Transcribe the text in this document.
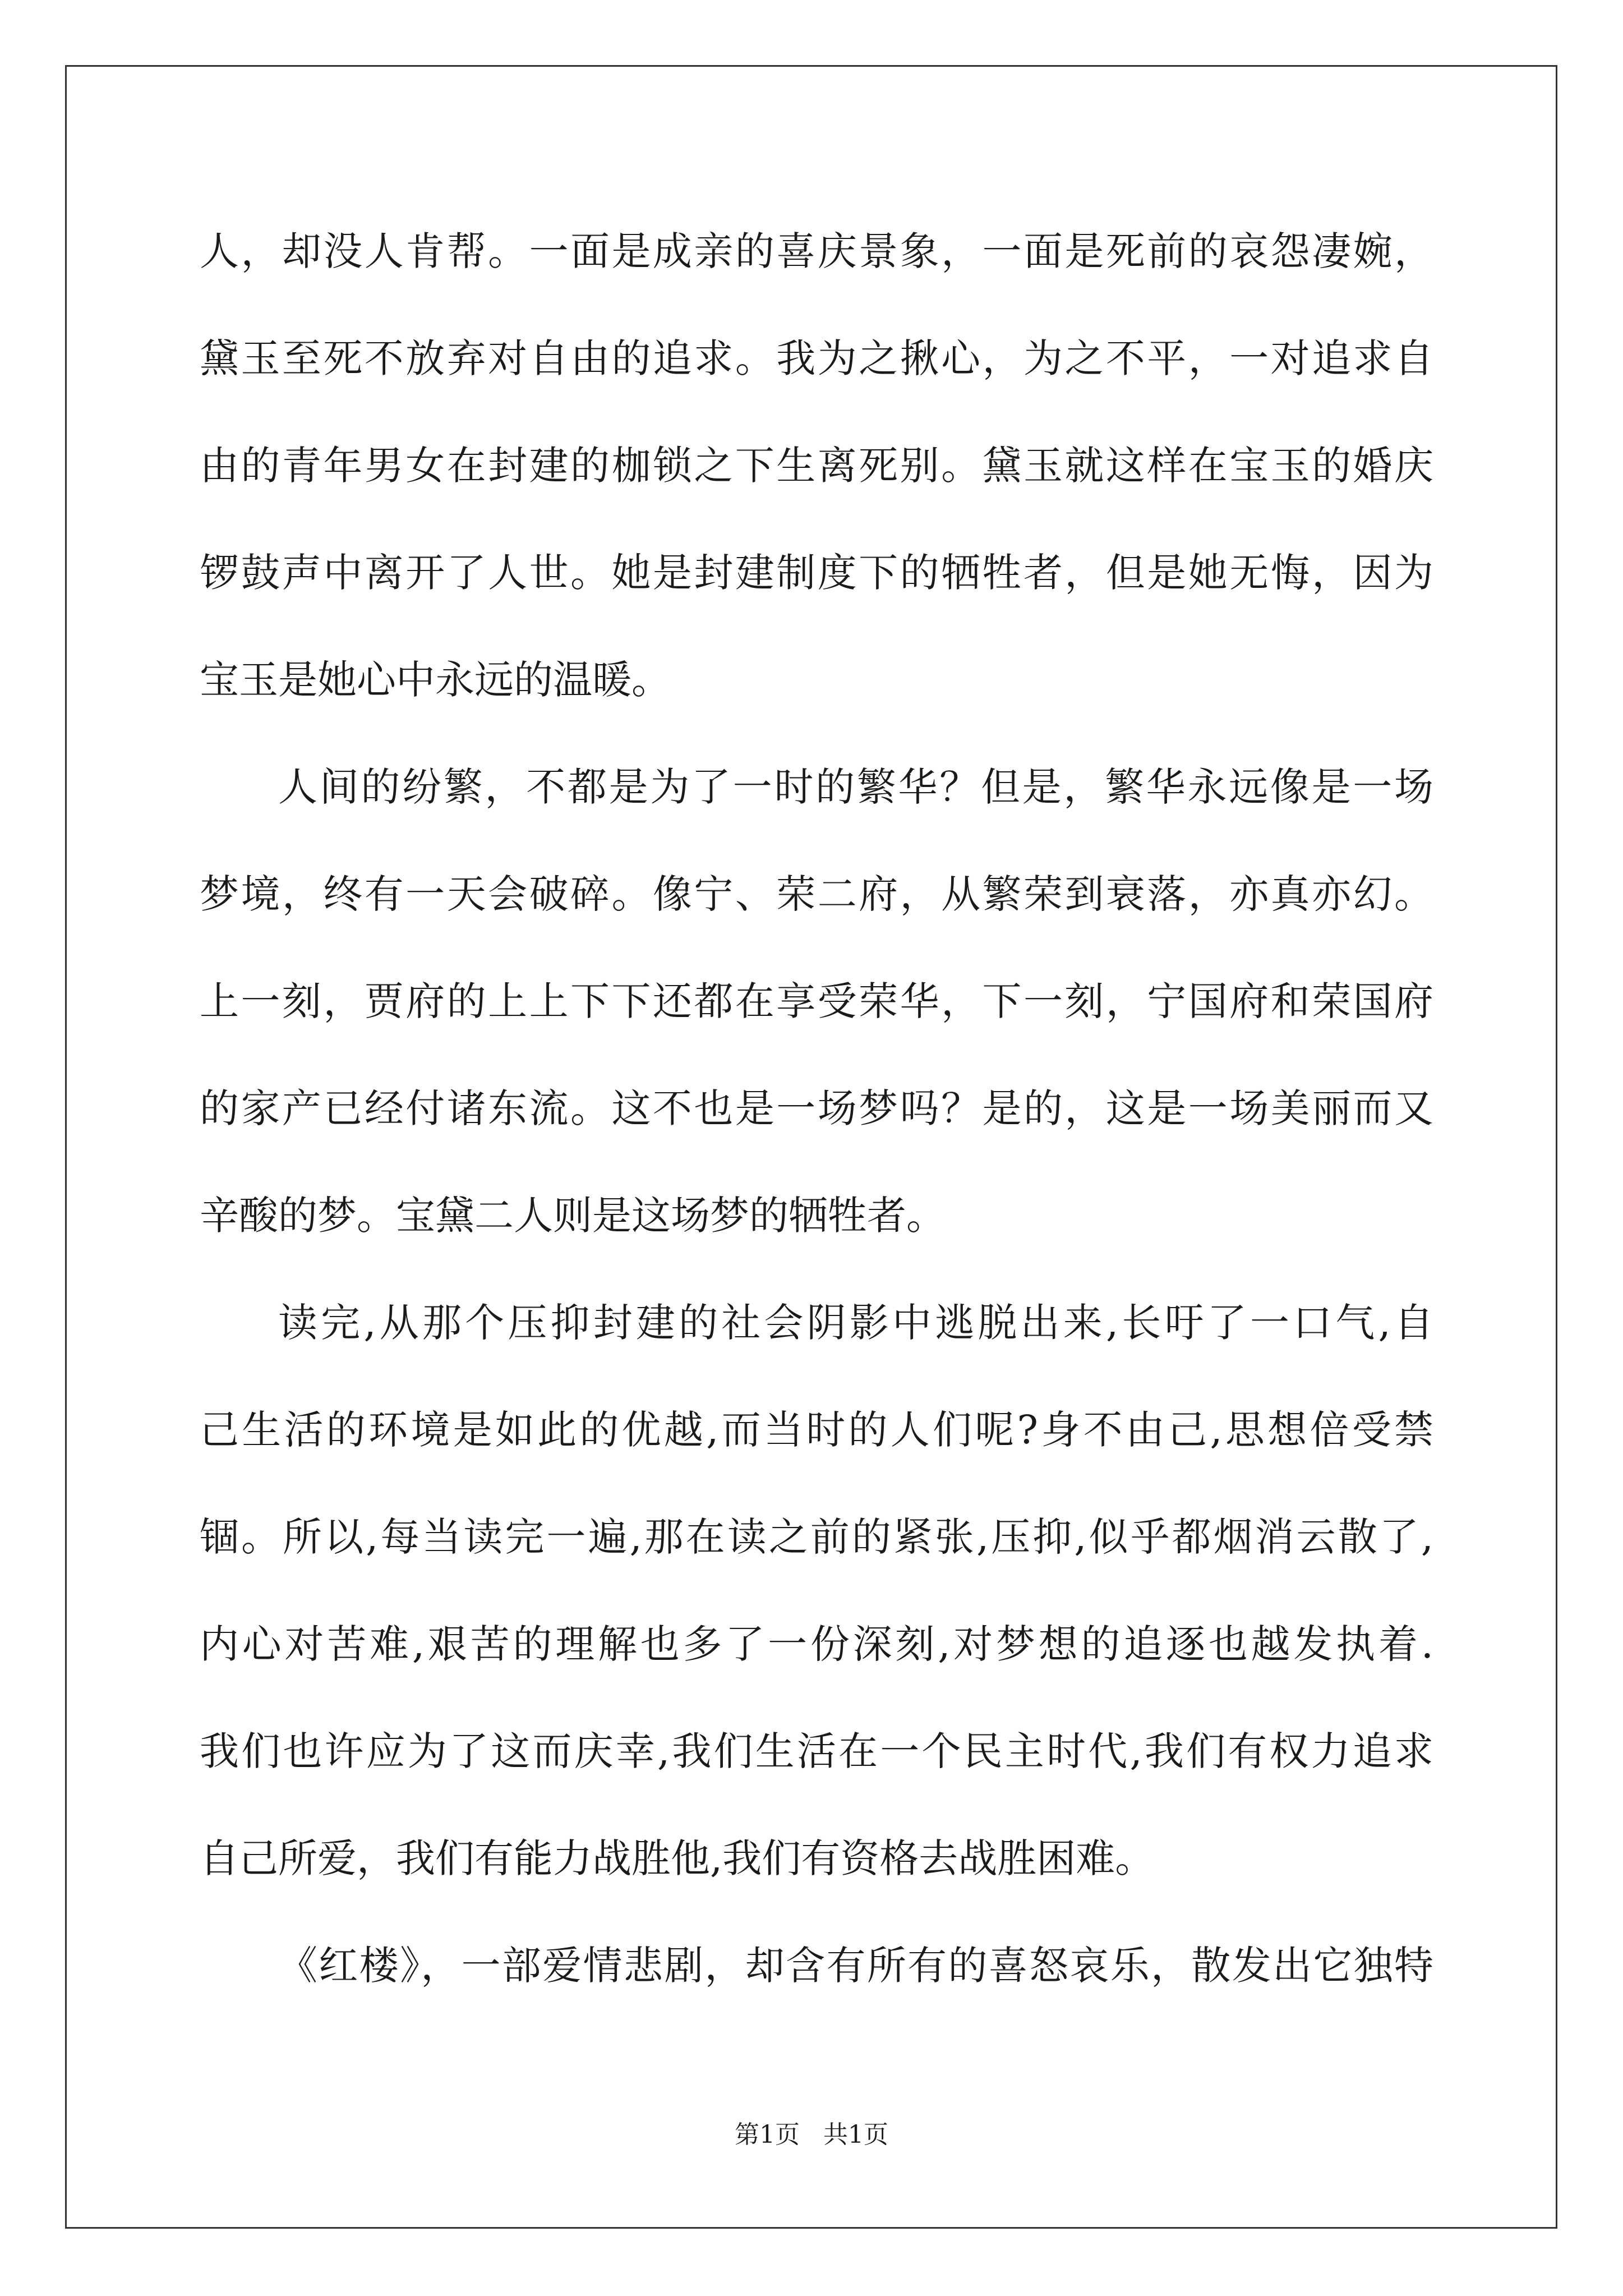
人，却没人肯帮。一面是成亲的喜庆景象，一面是死前的哀怨凄婉，
黛玉至死不放弃对自由的追求。我为之揪心，为之不平，一对追求自
由的青年男女在封建的枷锁之下生离死别。黛玉就这样在宝玉的婚庆
锣鼓声中离开了人世。她是封建制度下的牺牲者，但是她无悔，因为
宝玉是她心中永远的温暖。
人间的纷繁，不都是为了一时的繁华？但是，繁华永远像是一场
梦境，终有一天会破碎。像宁、荣二府，从繁荣到衰落，亦真亦幻。
上一刻，贾府的上上下下还都在享受荣华，下一刻，宁国府和荣国府
的家产已经付诸东流。这不也是一场梦吗？是的，这是一场美丽而又
辛酸的梦。宝黛二人则是这场梦的牺牲者。
读完,从那个压抑封建的社会阴影中逃脱出来,长吁了一口气,自
己生活的环境是如此的优越,而当时的人们呢?身不由己,思想倍受禁
锢。所以,每当读完一遍,那在读之前的紧张,压抑,似乎都烟消云散了,
内心对苦难,艰苦的理解也多了一份深刻,对梦想的追逐也越发执着.
我们也许应为了这而庆幸,我们生活在一个民主时代,我们有权力追求
自己所爱，我们有能力战胜他,我们有资格去战胜困难。
《红楼》，一部爱情悲剧，却含有所有的喜怒哀乐，散发出它独特
第1页   共1页
